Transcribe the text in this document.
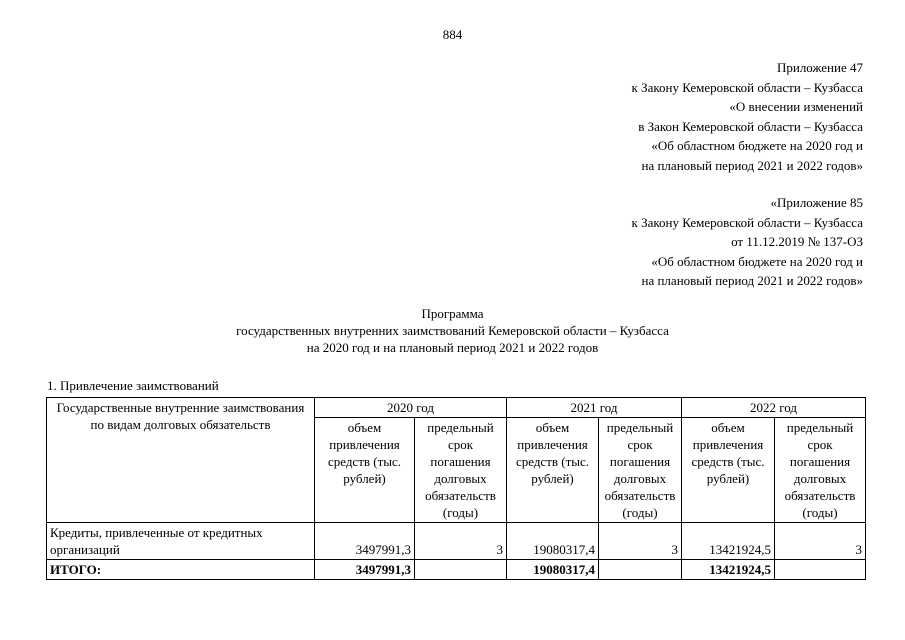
884
Приложение 47
к Закону Кемеровской области – Кузбасса
«О внесении изменений
в Закон Кемеровской области – Кузбасса
«Об областном бюджете на 2020 год и
на плановый период 2021 и 2022 годов»
«Приложение 85
к Закону Кемеровской области – Кузбасса
от 11.12.2019 № 137-ОЗ
«Об областном бюджете на 2020 год и
на плановый период 2021 и 2022 годов»
Программа
государственных внутренних заимствований Кемеровской области – Кузбасса
на 2020 год и на плановый период 2021 и 2022 годов
1. Привлечение заимствований
Государственные внутренние заимствования по видам долговых обязательств	2020 год		2021 год		2022 год	
	объем привлечения средств (тыс. рублей)	предельный срок погашения долговых обязательств (годы)	объем привлечения средств (тыс. рублей)	предельный срок погашения долговых обязательств (годы)	объем привлечения средств (тыс. рублей)	предельный срок погашения долговых обязательств (годы)
Кредиты, привлеченные от кредитных организаций	3497991,3	3	19080317,4	3	13421924,5	3
ИТОГО:	3497991,3		19080317,4		13421924,5	
